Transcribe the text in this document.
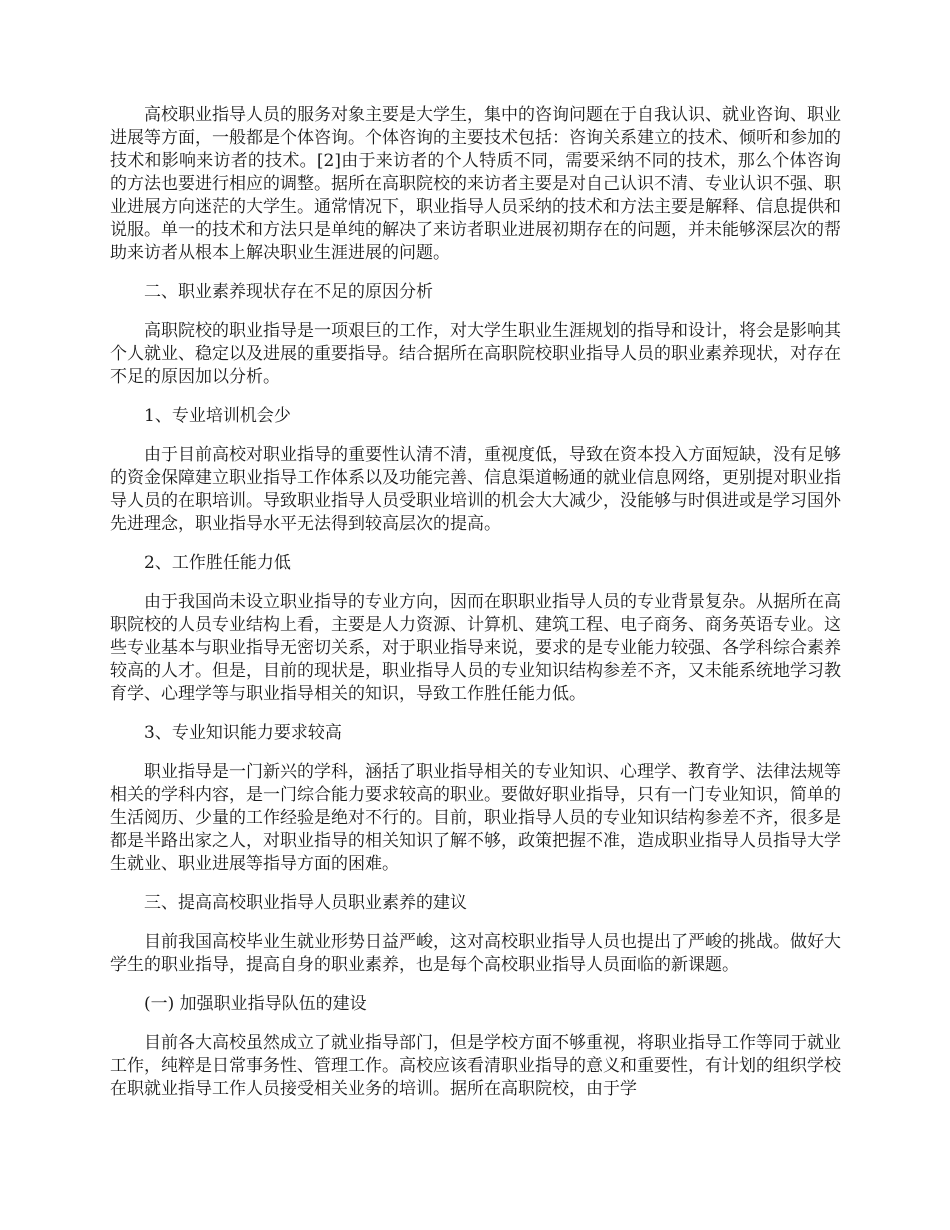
高校职业指导人员的服务对象主要是大学生，集中的咨询问题在于自我认识、就业咨询、职业进展等方面，一般都是个体咨询。个体咨询的主要技术包括：咨询关系建立的技术、倾听和参加的技术和影响来访者的技术。[2]由于来访者的个人特质不同，需要采纳不同的技术，那么个体咨询的方法也要进行相应的调整。据所在高职院校的来访者主要是对自己认识不清、专业认识不强、职业进展方向迷茫的大学生。通常情况下，职业指导人员采纳的技术和方法主要是解释、信息提供和说服。单一的技术和方法只是单纯的解决了来访者职业进展初期存在的问题，并未能够深层次的帮助来访者从根本上解决职业生涯进展的问题。

二、职业素养现状存在不足的原因分析

高职院校的职业指导是一项艰巨的工作，对大学生职业生涯规划的指导和设计，将会是影响其个人就业、稳定以及进展的重要指导。结合据所在高职院校职业指导人员的职业素养现状，对存在不足的原因加以分析。

1、专业培训机会少

由于目前高校对职业指导的重要性认清不清，重视度低，导致在资本投入方面短缺，没有足够的资金保障建立职业指导工作体系以及功能完善、信息渠道畅通的就业信息网络，更别提对职业指导人员的在职培训。导致职业指导人员受职业培训的机会大大减少，没能够与时俱进或是学习国外先进理念，职业指导水平无法得到较高层次的提高。

2、工作胜任能力低

由于我国尚未设立职业指导的专业方向，因而在职职业指导人员的专业背景复杂。从据所在高职院校的人员专业结构上看，主要是人力资源、计算机、建筑工程、电子商务、商务英语专业。这些专业基本与职业指导无密切关系，对于职业指导来说，要求的是专业能力较强、各学科综合素养较高的人才。但是，目前的现状是，职业指导人员的专业知识结构参差不齐，又未能系统地学习教育学、心理学等与职业指导相关的知识，导致工作胜任能力低。

3、专业知识能力要求较高

职业指导是一门新兴的学科，涵括了职业指导相关的专业知识、心理学、教育学、法律法规等相关的学科内容，是一门综合能力要求较高的职业。要做好职业指导，只有一门专业知识，简单的生活阅历、少量的工作经验是绝对不行的。目前，职业指导人员的专业知识结构参差不齐，很多是都是半路出家之人，对职业指导的相关知识了解不够，政策把握不准，造成职业指导人员指导大学生就业、职业进展等指导方面的困难。

三、提高高校职业指导人员职业素养的建议

目前我国高校毕业生就业形势日益严峻，这对高校职业指导人员也提出了严峻的挑战。做好大学生的职业指导，提高自身的职业素养，也是每个高校职业指导人员面临的新课题。

(一) 加强职业指导队伍的建设

目前各大高校虽然成立了就业指导部门，但是学校方面不够重视，将职业指导工作等同于就业工作，纯粹是日常事务性、管理工作。高校应该看清职业指导的意义和重要性，有计划的组织学校在职就业指导工作人员接受相关业务的培训。据所在高职院校，由于学
